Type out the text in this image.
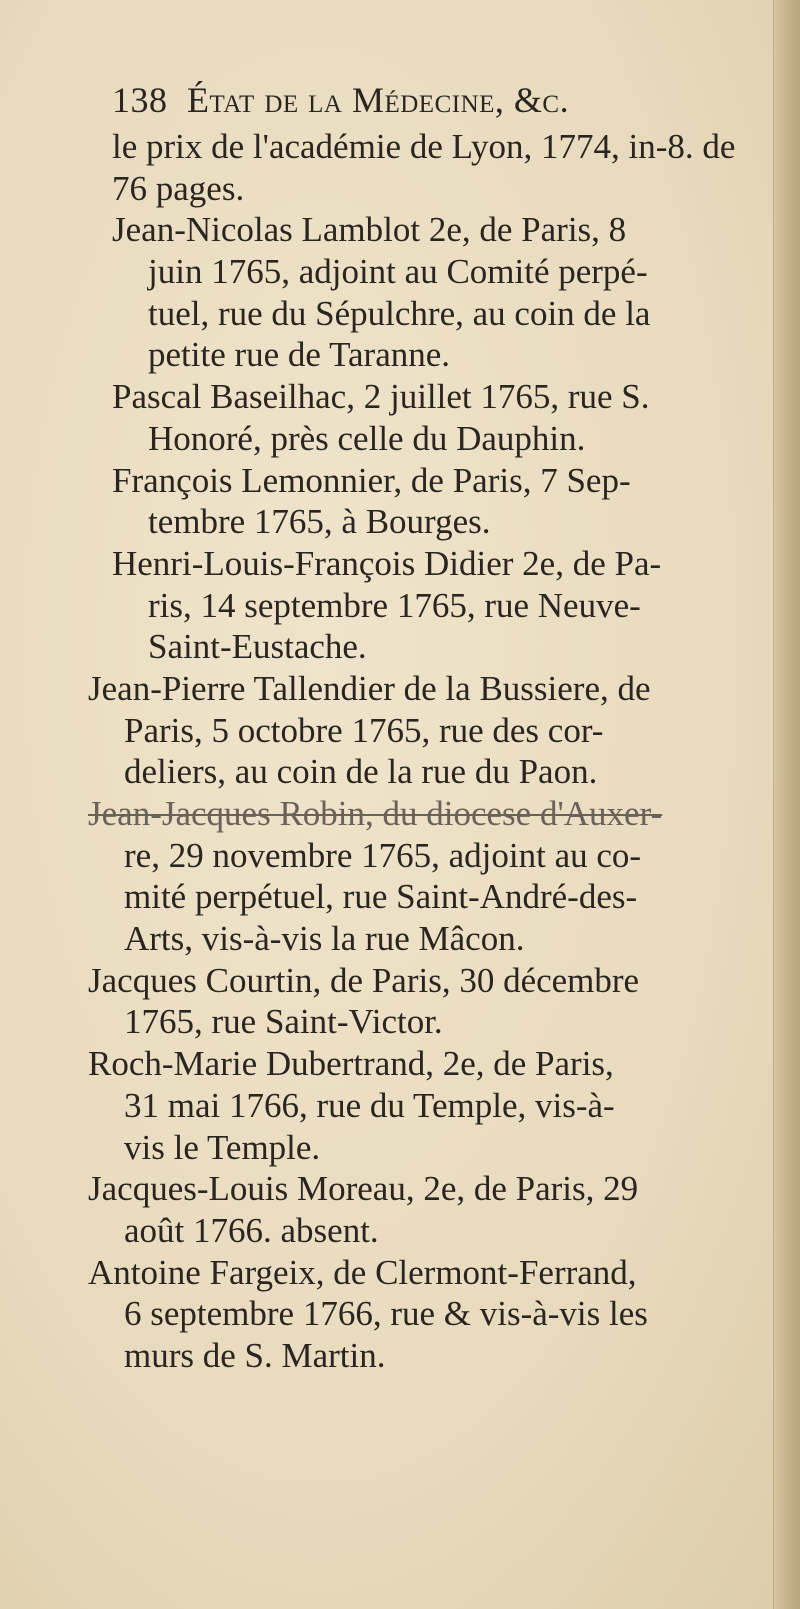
138 État de la Médecine, &c.
le prix de l'académie de Lyon, 1774, in-8. de
76 pages.
Jean-Nicolas Lamblot 2e, de Paris, 8
juin 1765, adjoint au Comité perpé-
tuel, rue du Sépulchre, au coin de la
petite rue de Taranne.
Pascal Baseilhac, 2 juillet 1765, rue S.
Honoré, près celle du Dauphin.
François Lemonnier, de Paris, 7 Sep-
tembre 1765, à Bourges.
Henri-Louis-François Didier 2e, de Pa-
ris, 14 septembre 1765, rue Neuve-
Saint-Eustache.
Jean-Pierre Tallendier de la Bussiere, de
Paris, 5 octobre 1765, rue des cor-
deliers, au coin de la rue du Paon.
Jean-Jacques Robin, du diocese d'Auxer-
re, 29 novembre 1765, adjoint au co-
mité perpétuel, rue Saint-André-des-
Arts, vis-à-vis la rue Mâcon.
Jacques Courtin, de Paris, 30 décembre
1765, rue Saint-Victor.
Roch-Marie Dubertrand, 2e, de Paris,
31 mai 1766, rue du Temple, vis-à-
vis le Temple.
Jacques-Louis Moreau, 2e, de Paris, 29
août 1766. absent.
Antoine Fargeix, de Clermont-Ferrand,
6 septembre 1766, rue & vis-à-vis les
murs de S. Martin.
